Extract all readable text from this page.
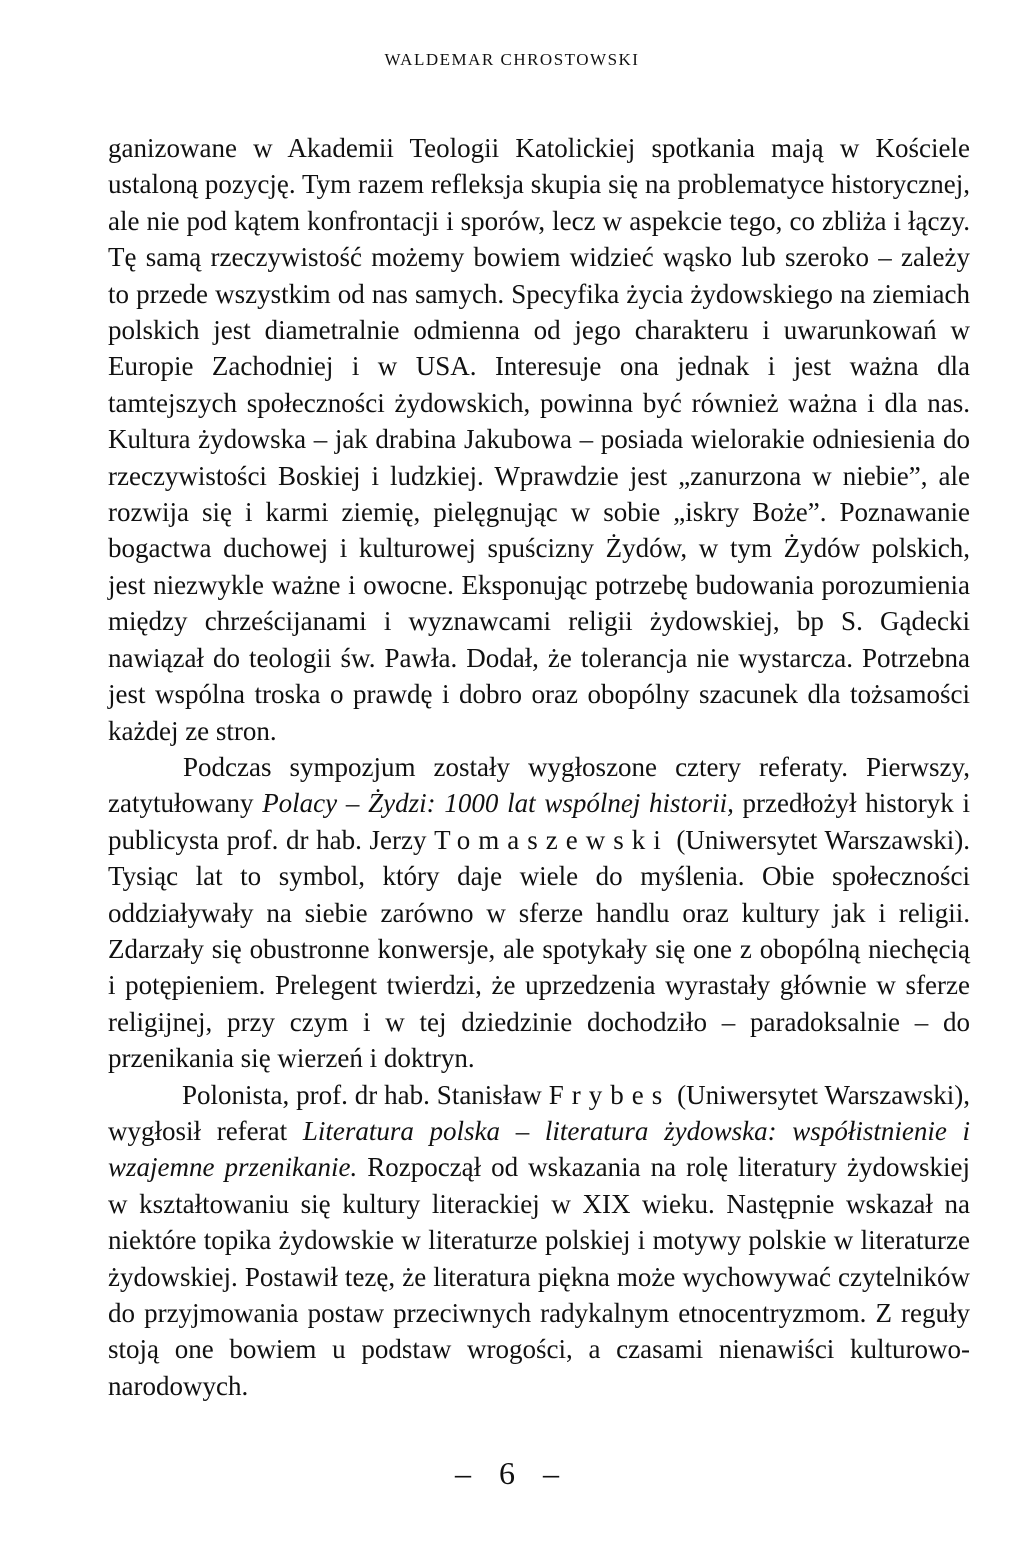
WALDEMAR CHROSTOWSKI

ganizowane w Akademii Teologii Katolickiej spotkania mają w Kościele ustaloną pozycję. Tym razem refleksja skupia się na problematyce historycznej, ale nie pod kątem konfrontacji i sporów, lecz w aspekcie tego, co zbliża i łączy. Tę samą rzeczywistość możemy bowiem widzieć wąsko lub szeroko – zależy to przede wszystkim od nas samych. Specyfika życia żydowskiego na ziemiach polskich jest diametralnie odmienna od jego charakteru i uwarunkowań w Europie Zachodniej i w USA. Interesuje ona jednak i jest ważna dla tamtejszych społeczności żydowskich, powinna być również ważna i dla nas. Kultura żydowska – jak drabina Jakubowa – posiada wielorakie odniesienia do rzeczywistości Boskiej i ludzkiej. Wprawdzie jest „zanurzona w niebie”, ale rozwija się i karmi ziemię, pielęgnując w sobie „iskry Boże”. Poznawanie bogactwa duchowej i kulturowej spuścizny Żydów, w tym Żydów polskich, jest niezwykle ważne i owocne. Eksponując potrzebę budowania porozumienia między chrześcijanami i wyznawcami religii żydowskiej, bp S. Gądecki nawiązał do teologii św. Pawła. Dodał, że tolerancja nie wystarcza. Potrzebna jest wspólna troska o prawdę i dobro oraz obopólny szacunek dla tożsamości każdej ze stron.

Podczas sympozjum zostały wygłoszone cztery referaty. Pierwszy, zatytułowany Polacy – Żydzi: 1000 lat wspólnej historii, przedłożył historyk i publicysta prof. dr hab. Jerzy Tomaszewski (Uniwersytet Warszawski). Tysiąc lat to symbol, który daje wiele do myślenia. Obie społeczności oddziaływały na siebie zarówno w sferze handlu oraz kultury jak i religii. Zdarzały się obustronne konwersje, ale spotykały się one z obopólną niechęcią i potępieniem. Prelegent twierdzi, że uprzedzenia wyrastały głównie w sferze religijnej, przy czym i w tej dziedzinie dochodziło – paradoksalnie – do przenikania się wierzeń i doktryn.

Polonista, prof. dr hab. Stanisław Frybes (Uniwersytet Warszawski), wygłosił referat Literatura polska – literatura żydowska: współistnienie i wzajemne przenikanie. Rozpoczął od wskazania na rolę literatury żydowskiej w kształtowaniu się kultury literackiej w XIX wieku. Następnie wskazał na niektóre topika żydowskie w literaturze polskiej i motywy polskie w literaturze żydowskiej. Postawił tezę, że literatura piękna może wychowywać czytelników do przyjmowania postaw przeciwnych radykalnym etnocentryzmom. Z reguły stoją one bowiem u podstaw wrogości, a czasami nienawiści kulturowo-narodowych.

– 6 –
